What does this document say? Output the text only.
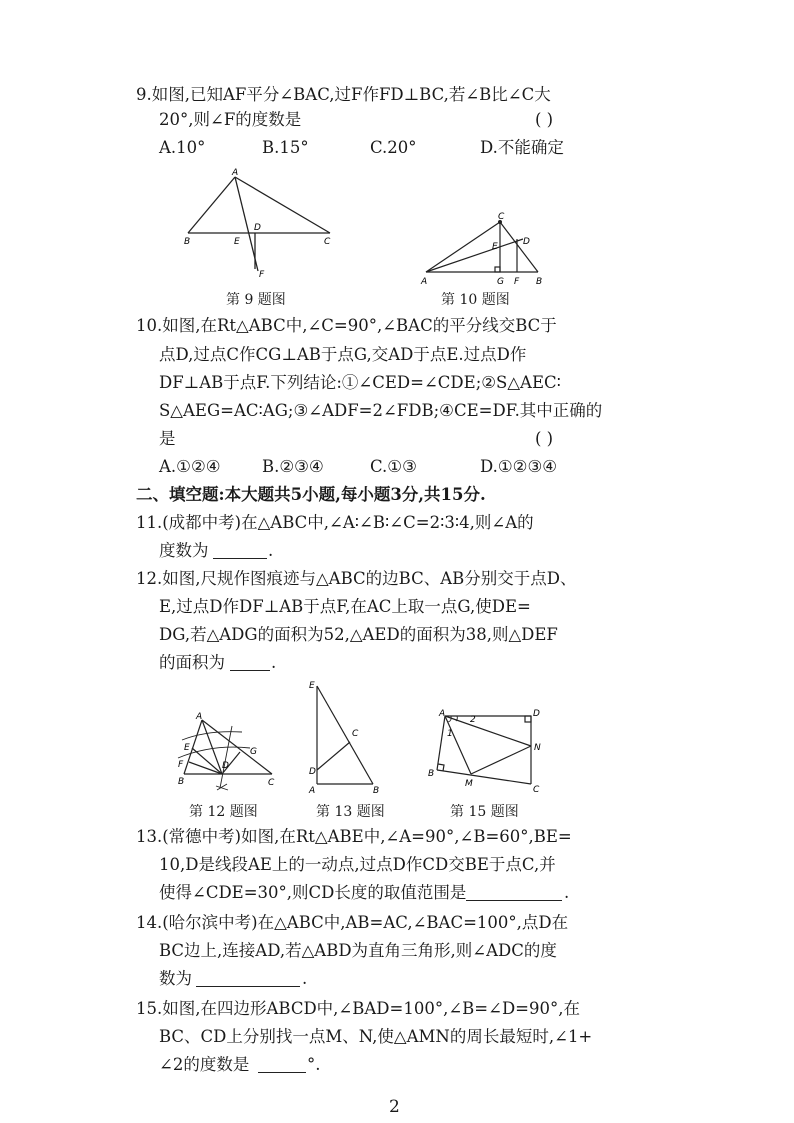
9.如图,已知AF平分∠BAC,过F作FD⊥BC,若∠B比∠C大
20°,则∠F的度数是	( )
A.10°	B.15°	C.20°	D.不能确定
A
B	E
D
C
F
第 9 题图
C
E	D
A	G F B
第 10 题图
10.如图,在Rt△ABC中,∠C=90°,∠BAC的平分线交BC于
点D,过点C作CG⊥AB于点G,交AD于点E.过点D作
DF⊥AB于点F.下列结论:①∠CED=∠CDE;②S△AEC∶
S△AEG=AC∶AG;③∠ADF=2∠FDB;④CE=DF.其中正确的
是	( )
A.①②④	B.②③④	C.①③	D.①②③④
二、填空题:本大题共5小题,每小题3分,共15分.
11.(成都中考)在△ABC中,∠A∶∠B∶∠C=2∶3∶4,则∠A的
度数为	.
12.如图,尺规作图痕迹与△ABC的边BC、AB分别交于点D、
E,过点D作DF⊥AB于点F,在AC上取一点G,使DE=
DG,若△ADG的面积为52,△AED的面积为38,则△DEF
的面积为	.
A
E
F
B
D
G
C
第 12 题图
E
C
D
A	B
第 13 题图
A
2
D
1
N
B
M
C
第 15 题图
13.(常德中考)如图,在Rt△ABE中,∠A=90°,∠B=60°,BE=
10,D是线段AE上的一动点,过点D作CD交BE于点C,并
使得∠CDE=30°,则CD长度的取值范围是	.
14.(哈尔滨中考)在△ABC中,AB=AC,∠BAC=100°,点D在
BC边上,连接AD,若△ABD为直角三角形,则∠ADC的度
数为	.
15.如图,在四边形ABCD中,∠BAD=100°,∠B=∠D=90°,在
BC、CD上分别找一点M、N,使△AMN的周长最短时,∠1+
∠2的度数是	°.
2
